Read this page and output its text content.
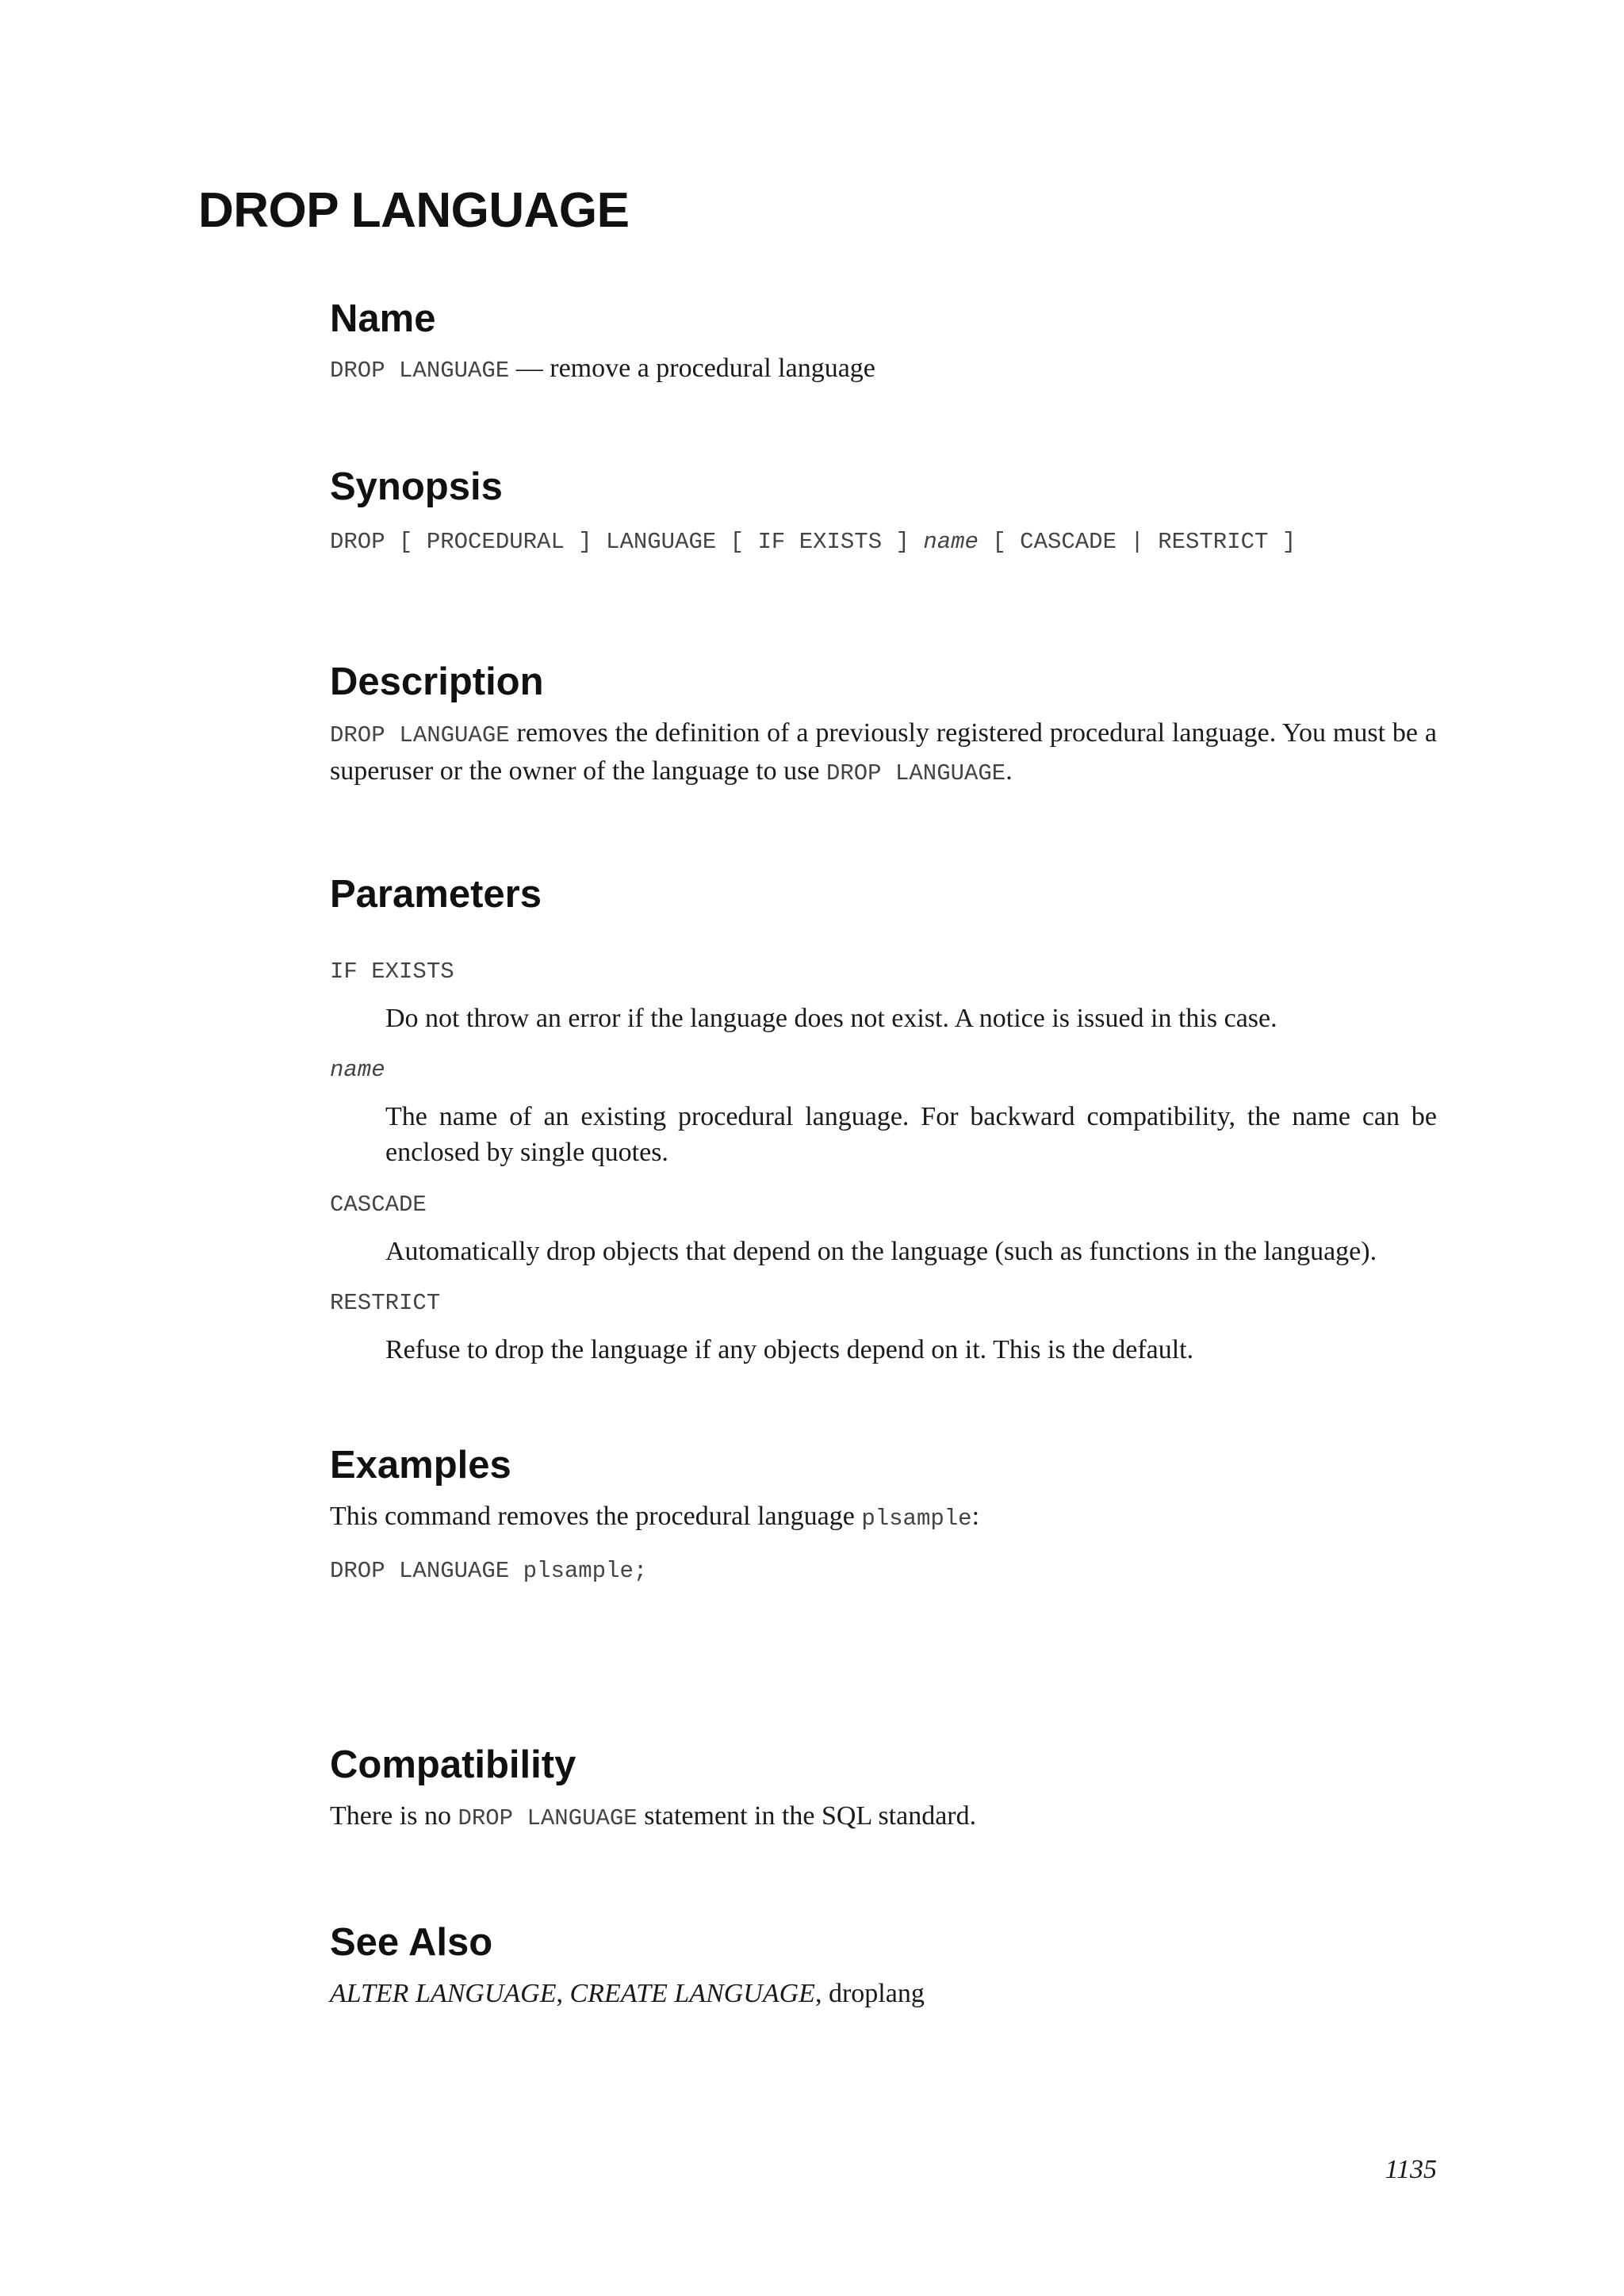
DROP LANGUAGE
Name

DROP LANGUAGE — remove a procedural language

Synopsis

DROP [ PROCEDURAL ] LANGUAGE [ IF EXISTS ] name [ CASCADE | RESTRICT ]

Description

DROP LANGUAGE removes the definition of a previously registered procedural language. You must be a superuser or the owner of the language to use DROP LANGUAGE.

Parameters
IF EXISTS

Do not throw an error if the language does not exist. A notice is issued in this case.

name

The name of an existing procedural language. For backward compatibility, the name can be enclosed by single quotes.

CASCADE

Automatically drop objects that depend on the language (such as functions in the language).

RESTRICT

Refuse to drop the language if any objects depend on it. This is the default.

Examples

This command removes the procedural language plsample:

DROP LANGUAGE plsample;

Compatibility

There is no DROP LANGUAGE statement in the SQL standard.

See Also

ALTER LANGUAGE, CREATE LANGUAGE, droplang

1135
